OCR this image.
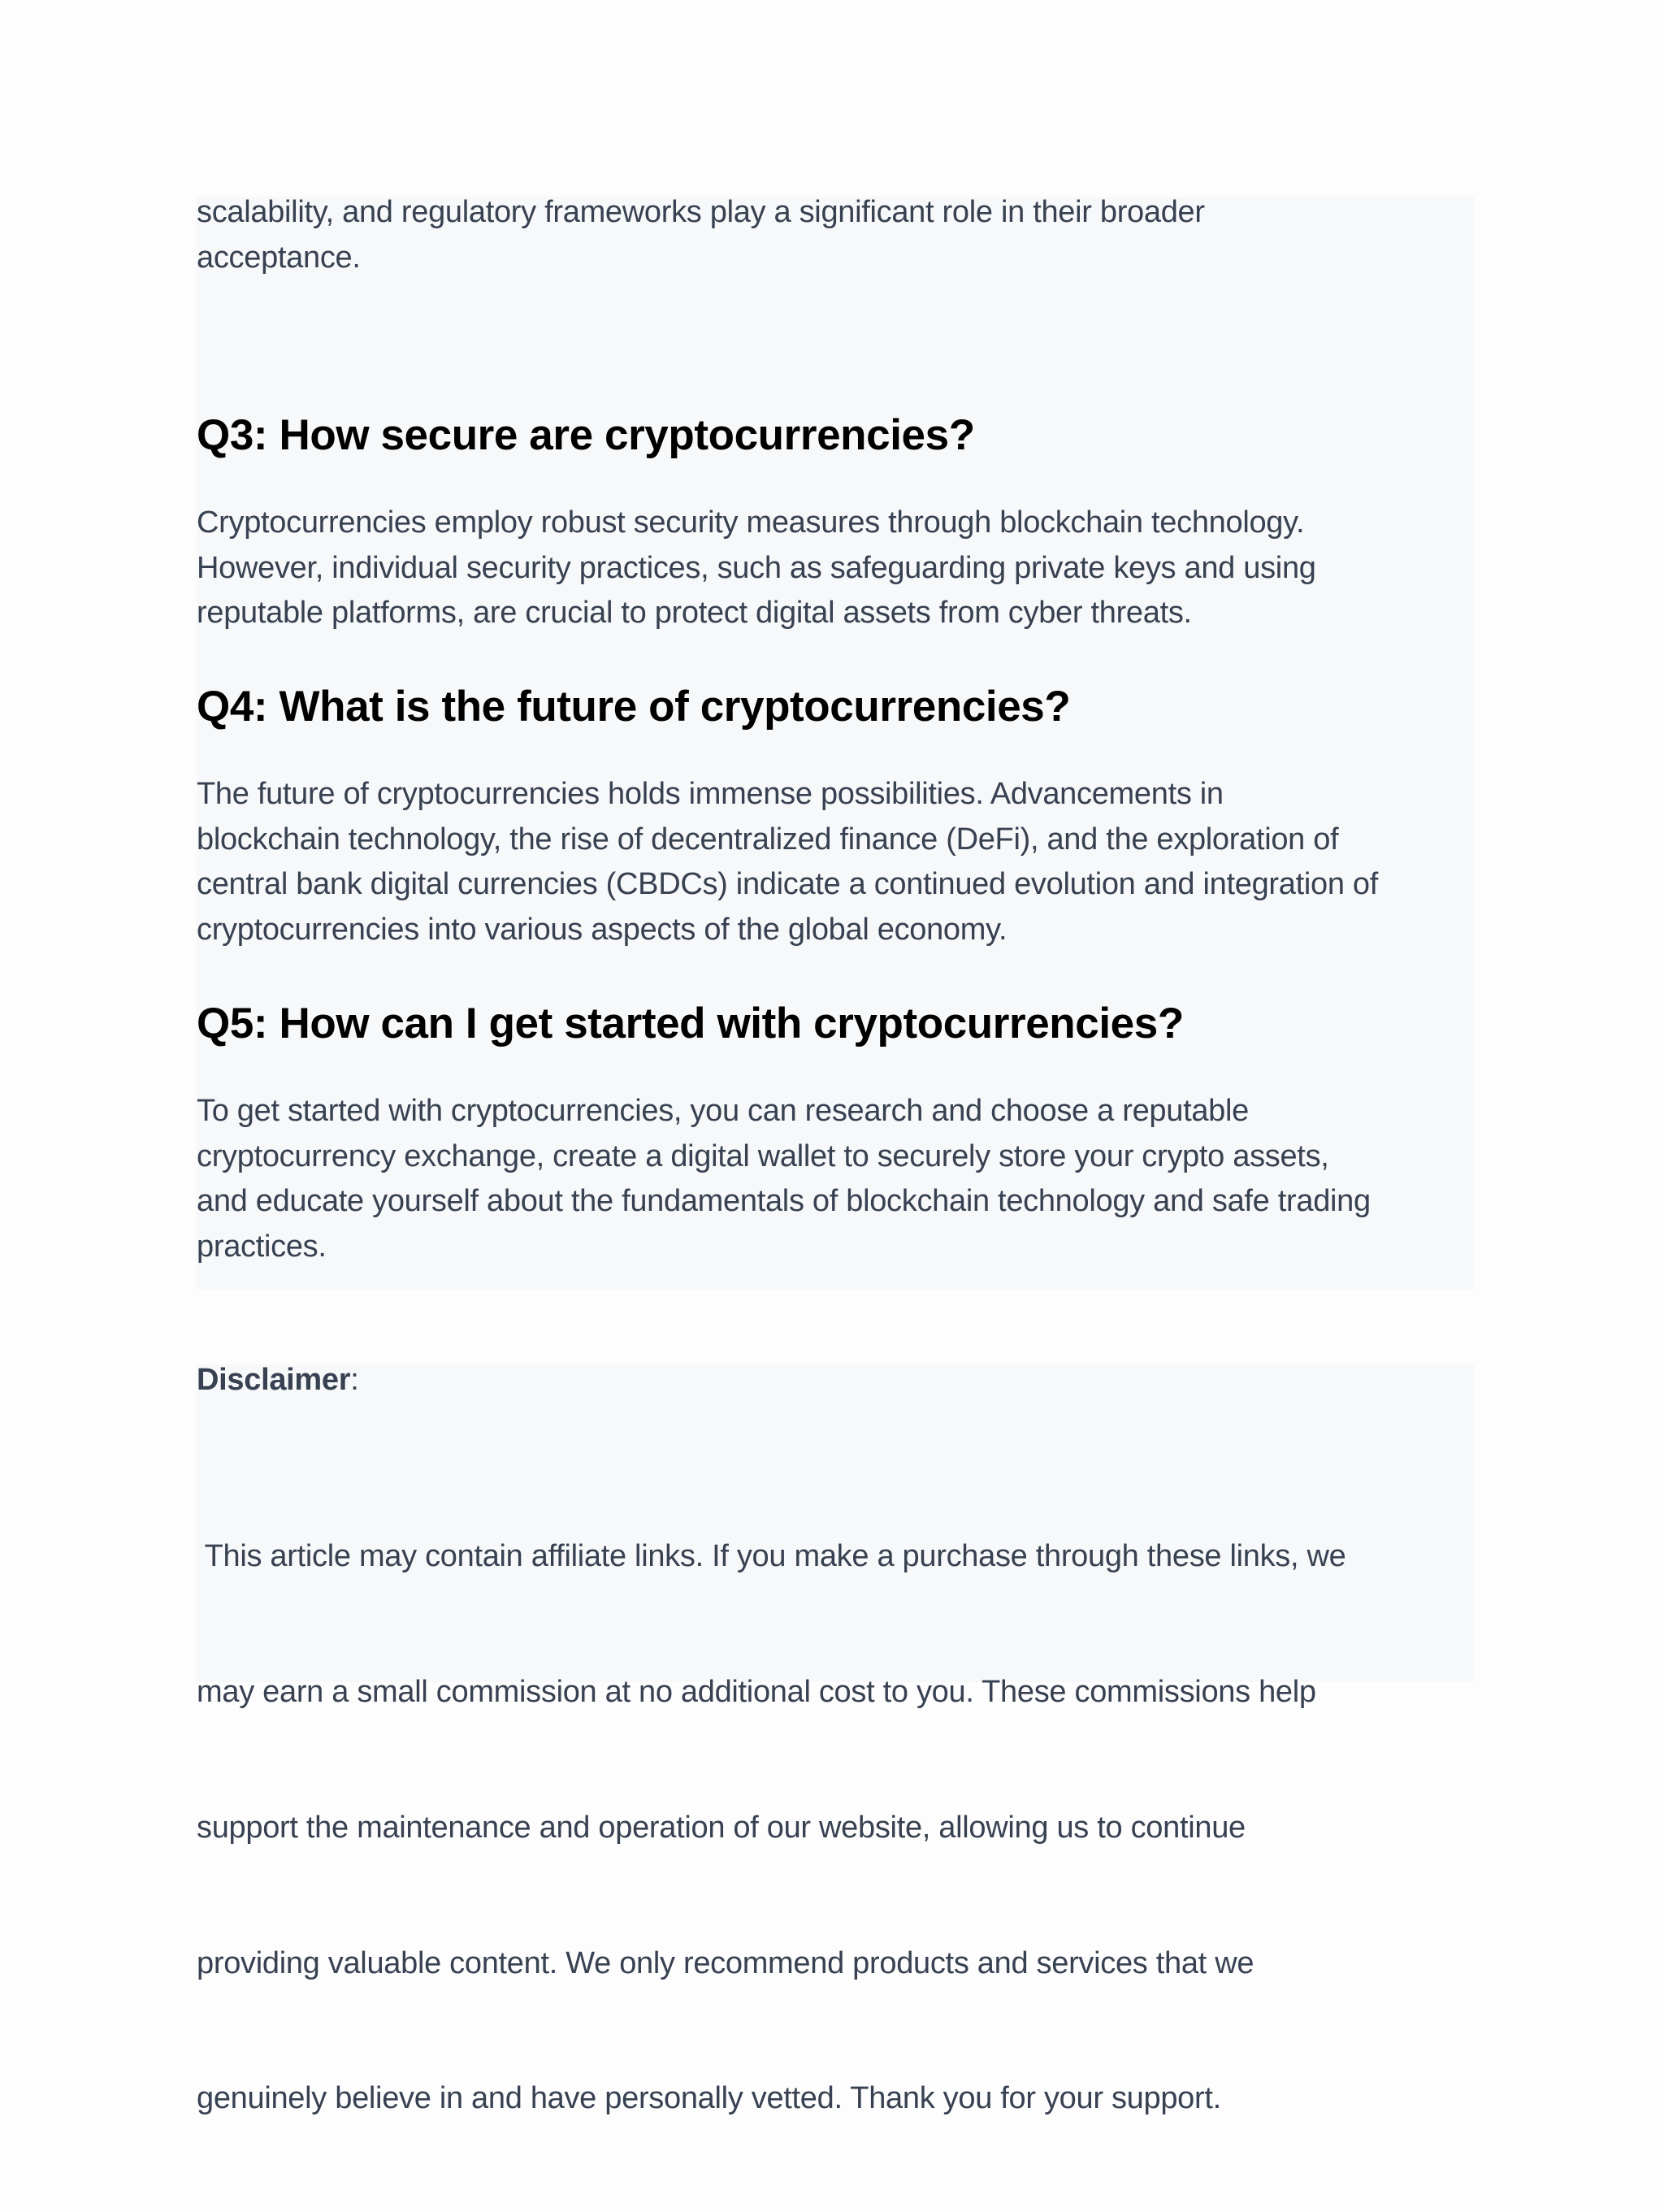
scalability, and regulatory frameworks play a significant role in their broader
acceptance.

Q3: How secure are cryptocurrencies?

Cryptocurrencies employ robust security measures through blockchain technology.
However, individual security practices, such as safeguarding private keys and using
reputable platforms, are crucial to protect digital assets from cyber threats.

Q4: What is the future of cryptocurrencies?

The future of cryptocurrencies holds immense possibilities. Advancements in
blockchain technology, the rise of decentralized finance (DeFi), and the exploration of
central bank digital currencies (CBDCs) indicate a continued evolution and integration of
cryptocurrencies into various aspects of the global economy.

Q5: How can I get started with cryptocurrencies?

To get started with cryptocurrencies, you can research and choose a reputable
cryptocurrency exchange, create a digital wallet to securely store your crypto assets,
and educate yourself about the fundamentals of blockchain technology and safe trading
practices.

Disclaimer:

This article may contain affiliate links. If you make a purchase through these links, we

may earn a small commission at no additional cost to you. These commissions help

support the maintenance and operation of our website, allowing us to continue

providing valuable content. We only recommend products and services that we

genuinely believe in and have personally vetted. Thank you for your support.
